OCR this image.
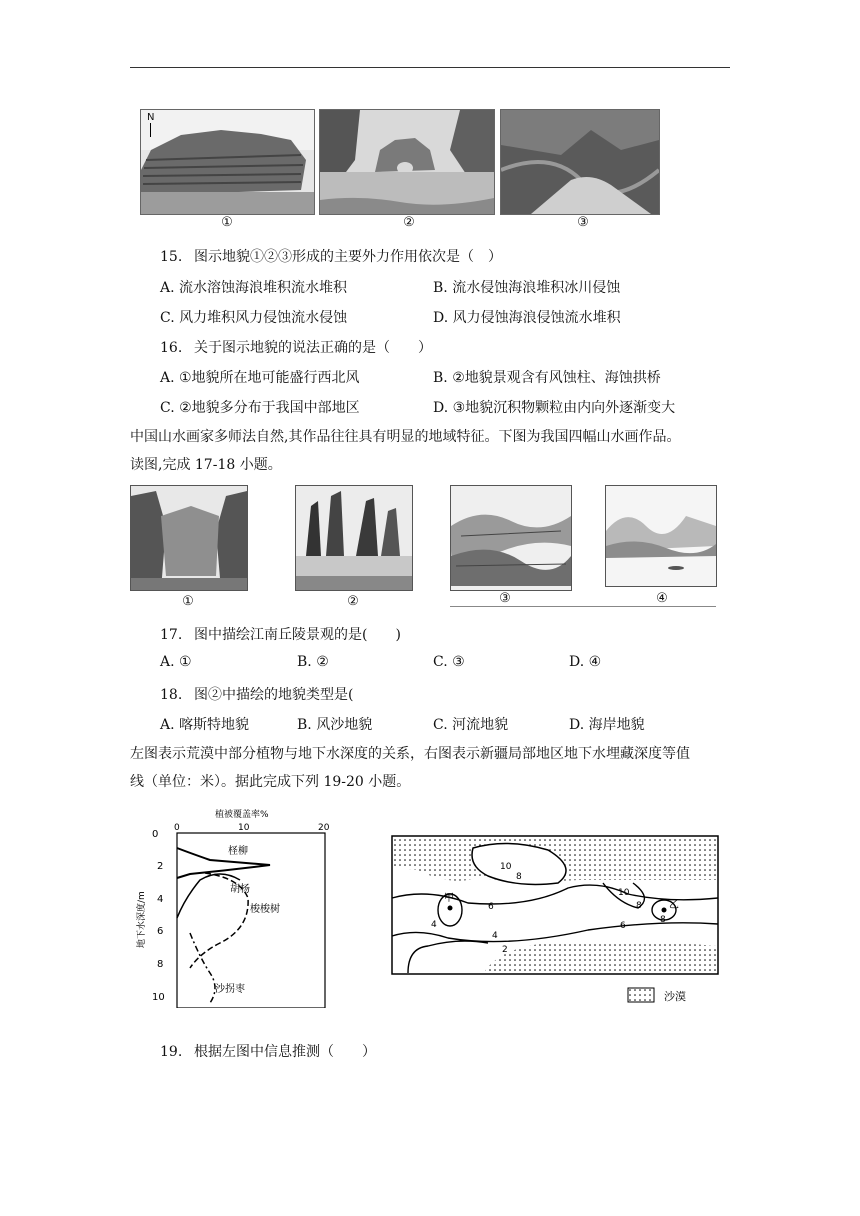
N
①	②	③
15. 图示地貌①②③形成的主要外力作用依次是（　）
A. 流水溶蚀海浪堆积流水堆积	B. 流水侵蚀海浪堆积冰川侵蚀
C. 风力堆积风力侵蚀流水侵蚀	D. 风力侵蚀海浪侵蚀流水堆积
16. 关于图示地貌的说法正确的是（　　）
A. ①地貌所在地可能盛行西北风	B. ②地貌景观含有风蚀柱、海蚀拱桥
C. ②地貌多分布于我国中部地区	D. ③地貌沉积物颗粒由内向外逐渐变大
中国山水画家多师法自然,其作品往往具有明显的地域特征。下图为我国四幅山水画作品。
读图,完成 17-18 小题。
①	②	③	④
17. 图中描绘江南丘陵景观的是(　　)
A. ①	B. ②	C. ③	D. ④
18. 图②中描绘的地貌类型是(
A. 喀斯特地貌	B. 风沙地貌	C. 河流地貌	D. 海岸地貌
左图表示荒漠中部分植物与地下水深度的关系，右图表示新疆局部地区地下水埋藏深度等值
线（单位：米）。据此完成下列 19-20 小题。
植被覆盖率%
0	10	20
0
2
4
6
8
10
地下水深度/m
柽柳
胡杨
梭梭树
沙拐枣
10
8
10
8
6
6
4
4
2
8
甲
乙
沙漠
19. 根据左图中信息推测（　　）
